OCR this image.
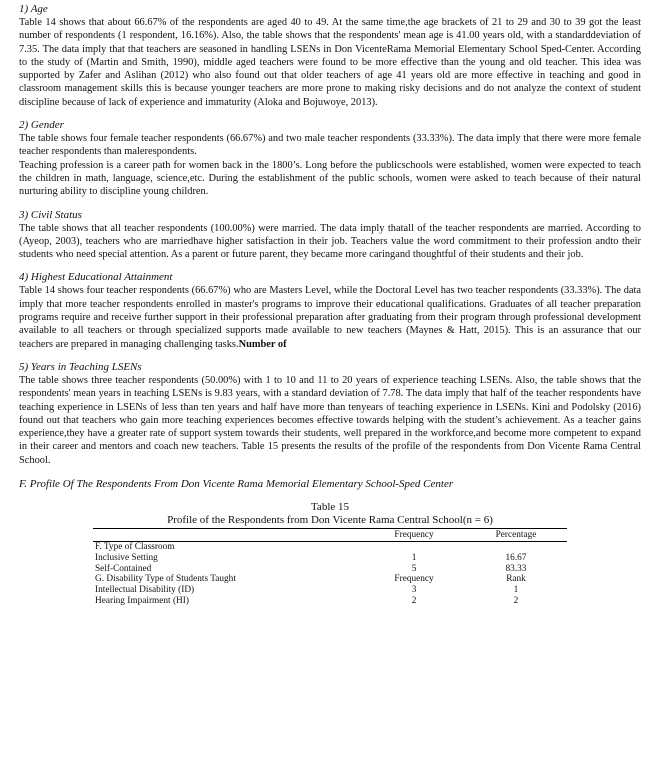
1) Age

Table 14 shows that about 66.67% of the respondents are aged 40 to 49. At the same time,the age brackets of 21 to 29 and 30 to 39 got the least number of respondents (1 respondent, 16.16%). Also, the table shows that the respondents' mean age is 41.00 years old, with a standarddeviation of 7.35. The data imply that that teachers are seasoned in handling LSENs in Don VicenteRama Memorial Elementary School Sped-Center. According to the study of (Martin and Smith, 1990), middle aged teachers were found to be more effective than the young and old teacher. This idea was supported by Zafer and Aslihan (2012) who also found out that older teachers of age 41 years old are more effective in teaching and good in classroom management skills this is because younger teachers are more prone to making risky decisions and do not analyze the context of student discipline because of lack of experience and immaturity (Aloka and Bojuwoye, 2013).

2) Gender

The table shows four female teacher respondents (66.67%) and two male teacher respondents (33.33%). The data imply that there were more female teacher respondents than malerespondents.

Teaching profession is a career path for women back in the 1800’s. Long before the publicschools were established, women were expected to teach the children in math, language, science,etc. During the establishment of the public schools, women were asked to teach because of their natural nurturing ability to discipline young children.

3) Civil Status

The table shows that all teacher respondents (100.00%) were married. The data imply thatall of the teacher respondents are married. According to (Ayeop, 2003), teachers who are marriedhave higher satisfaction in their job. Teachers value the word commitment to their profession andto their students who need special attention. As a parent or future parent, they became more caringand thoughtful of their students and their job.

4) Highest Educational Attainment

Table 14 shows four teacher respondents (66.67%) who are Masters Level, while the Doctoral Level has two teacher respondents (33.33%). The data imply that more teacher respondents enrolled in master's programs to improve their educational qualifications. Graduates of all teacher preparation programs require and receive further support in their professional preparation after graduating from their program through professional development available to all teachers or through specialized supports made available to new teachers (Maynes & Hatt, 2015). This is an assurance that our teachers are prepared in managing challenging tasks.Number of

5) Years in Teaching LSENs

The table shows three teacher respondents (50.00%) with 1 to 10 and 11 to 20 years of experience teaching LSENs. Also, the table shows that the respondents' mean years in teaching LSENs is 9.83 years, with a standard deviation of 7.78. The data imply that half of the teacher respondents have teaching experience in LSENs of less than ten years and half have more than tenyears of teaching experience in LSENs. Kini and Podolsky (2016) found out that teachers who gain more teaching experiences becomes effective towards helping with the student’s achievement. As a teacher gains experience,they have a greater rate of support system towards their students, well prepared in the workforce,and become more competent to expand in their career and mentors and coach new teachers. Table 15 presents the results of the profile of the respondents from Don Vicente Rama Central School.

F. Profile Of The Respondents From Don Vicente Rama Memorial Elementary School-Sped Center

Table 15

Profile of the Respondents from Don Vicente Rama Central School(n = 6)

	Frequency	Percentage
F. Type of Classroom		
Inclusive Setting	1	16.67
Self-Contained	5	83.33
G. Disability Type of Students Taught	Frequency	Rank
Intellectual Disability (ID)	3	1
Hearing Impairment (HI)	2	2
